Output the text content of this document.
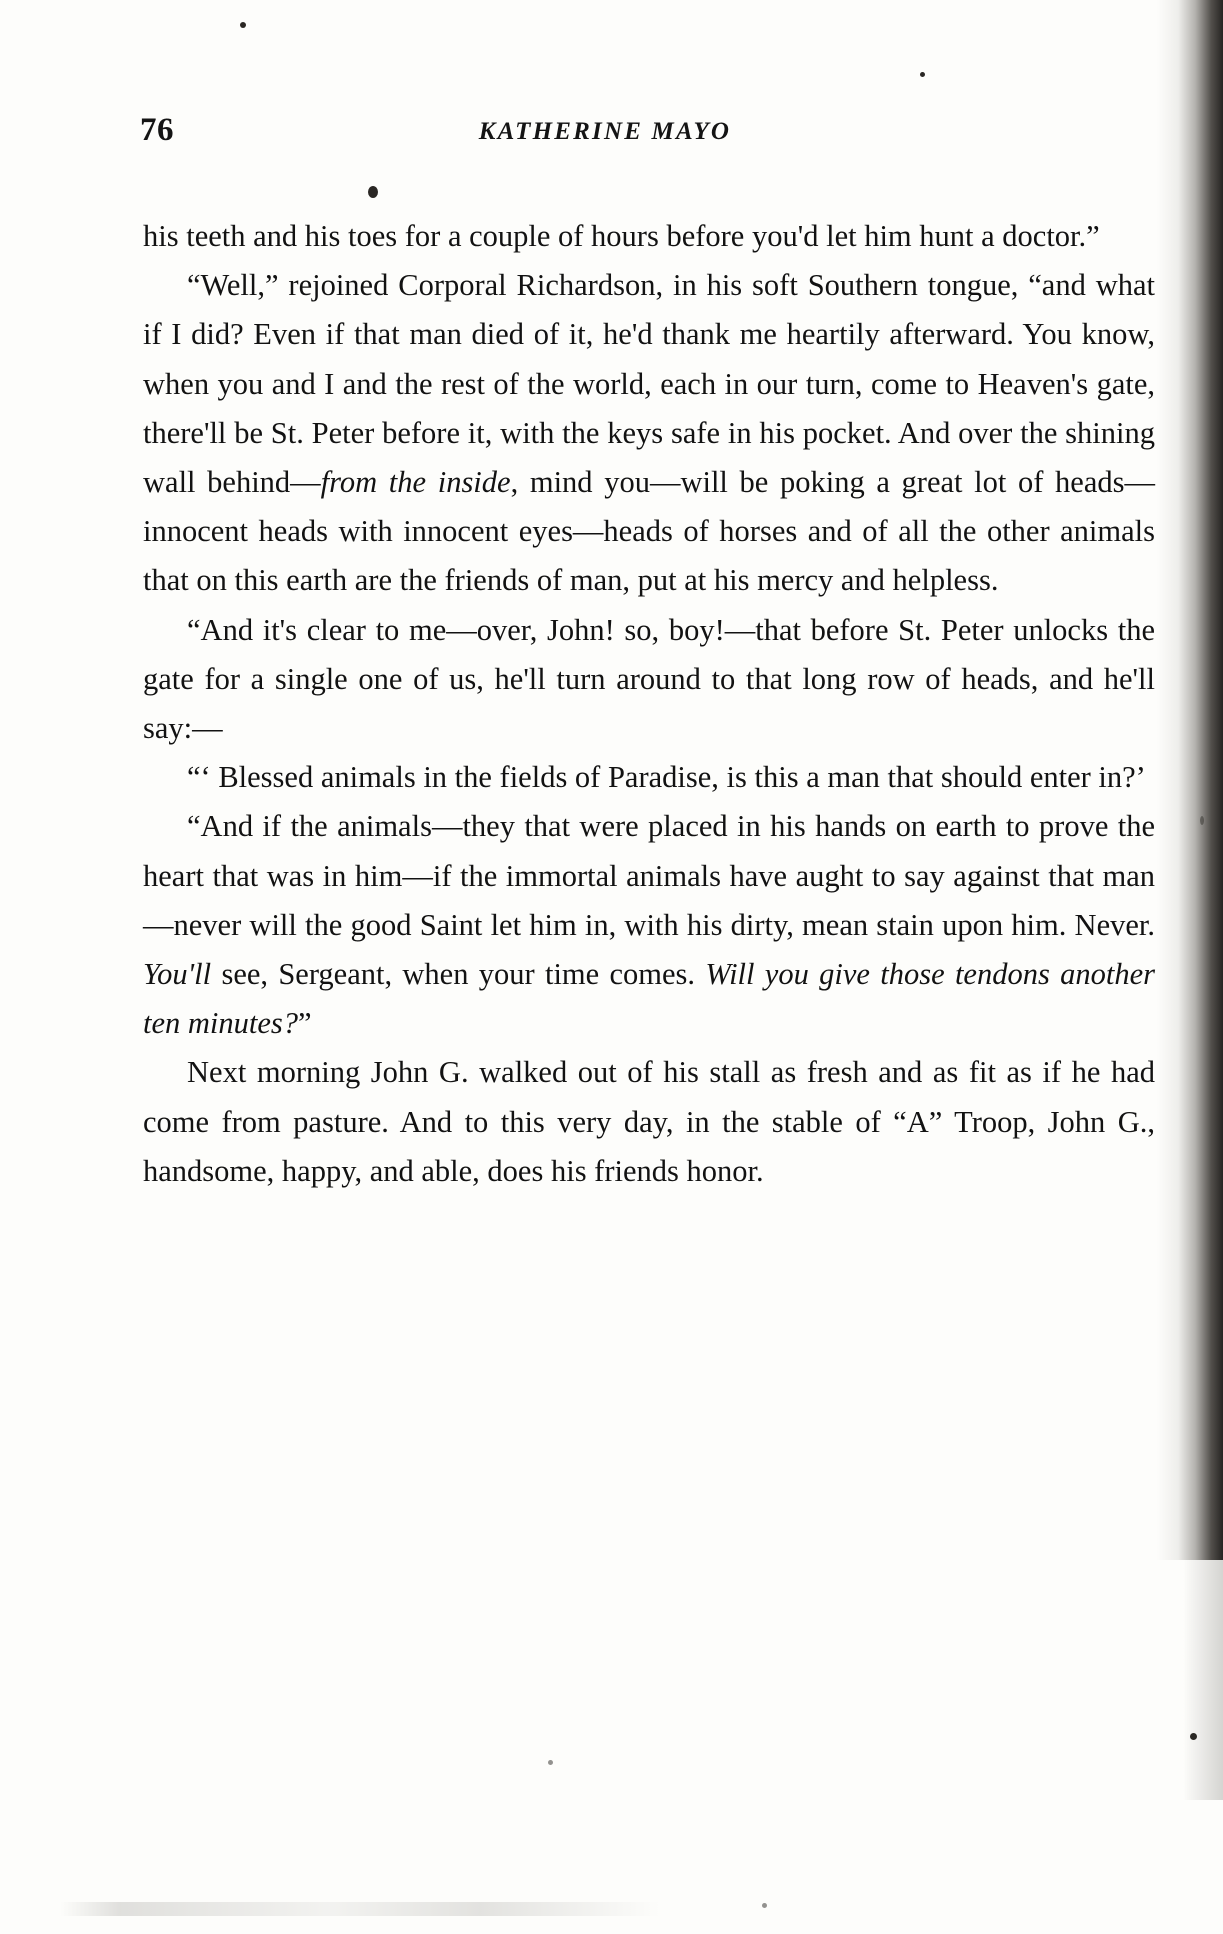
76	KATHERINE MAYO

his teeth and his toes for a couple of hours before you'd let him hunt a doctor.”

“Well,” rejoined Corporal Richardson, in his soft Southern tongue, “and what if I did? Even if that man died of it, he'd thank me heartily afterward. You know, when you and I and the rest of the world, each in our turn, come to Heaven's gate, there'll be St. Peter before it, with the keys safe in his pocket. And over the shining wall behind—from the inside, mind you—will be poking a great lot of heads—innocent heads with innocent eyes—heads of horses and of all the other animals that on this earth are the friends of man, put at his mercy and helpless.

“And it's clear to me—over, John! so, boy!—that before St. Peter unlocks the gate for a single one of us, he'll turn around to that long row of heads, and he'll say:—

“‘ Blessed animals in the fields of Paradise, is this a man that should enter in?’

“And if the animals—they that were placed in his hands on earth to prove the heart that was in him—if the immortal animals have aught to say against that man—never will the good Saint let him in, with his dirty, mean stain upon him. Never. You'll see, Sergeant, when your time comes. Will you give those tendons another ten minutes?”

Next morning John G. walked out of his stall as fresh and as fit as if he had come from pasture. And to this very day, in the stable of “A” Troop, John G., handsome, happy, and able, does his friends honor.
